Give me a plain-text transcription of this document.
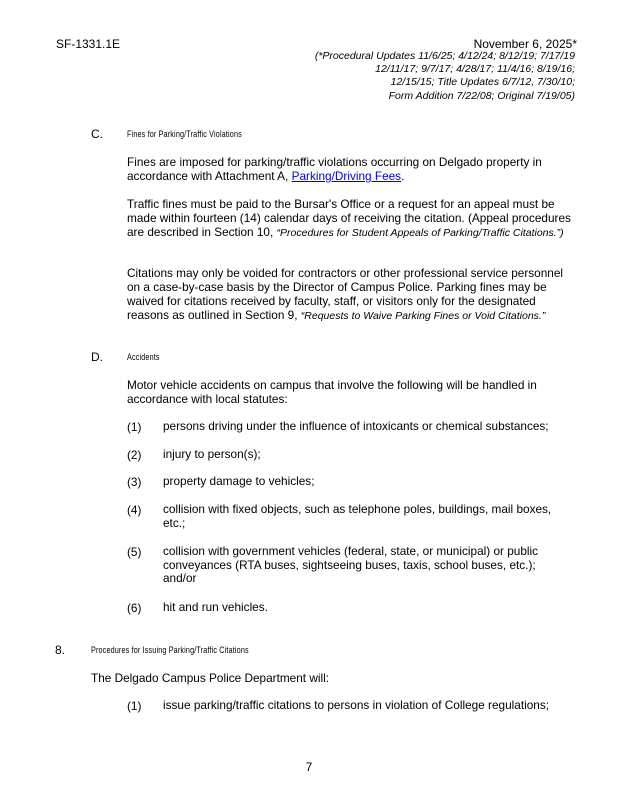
SF-1331.1E	November 6, 2025*
(*Procedural Updates 11/6/25; 4/12/24; 8/12/19; 7/17/19
12/11/17; 9/7/17; 4/28/17; 11/4/16; 8/19/16;
12/15/15; Title Updates 6/7/12, 7/30/10;
Form Addition 7/22/08; Original 7/19/05)
C.	Fines for Parking/Traffic Violations
Fines are imposed for parking/traffic violations occurring on Delgado property in accordance with Attachment A, Parking/Driving Fees.
Traffic fines must be paid to the Bursar's Office or a request for an appeal must be made within fourteen (14) calendar days of receiving the citation. (Appeal procedures are described in Section 10, “Procedures for Student Appeals of Parking/Traffic Citations.”)
Citations may only be voided for contractors or other professional service personnel on a case-by-case basis by the Director of Campus Police. Parking fines may be waived for citations received by faculty, staff, or visitors only for the designated reasons as outlined in Section 9, “Requests to Waive Parking Fines or Void Citations.”
D.	Accidents
Motor vehicle accidents on campus that involve the following will be handled in accordance with local statutes:
(1) persons driving under the influence of intoxicants or chemical substances;
(2) injury to person(s);
(3) property damage to vehicles;
(4) collision with fixed objects, such as telephone poles, buildings, mail boxes, etc.;
(5) collision with government vehicles (federal, state, or municipal) or public conveyances (RTA buses, sightseeing buses, taxis, school buses, etc.); and/or
(6) hit and run vehicles.
8.	Procedures for Issuing Parking/Traffic Citations
The Delgado Campus Police Department will:
(1) issue parking/traffic citations to persons in violation of College regulations;
7
